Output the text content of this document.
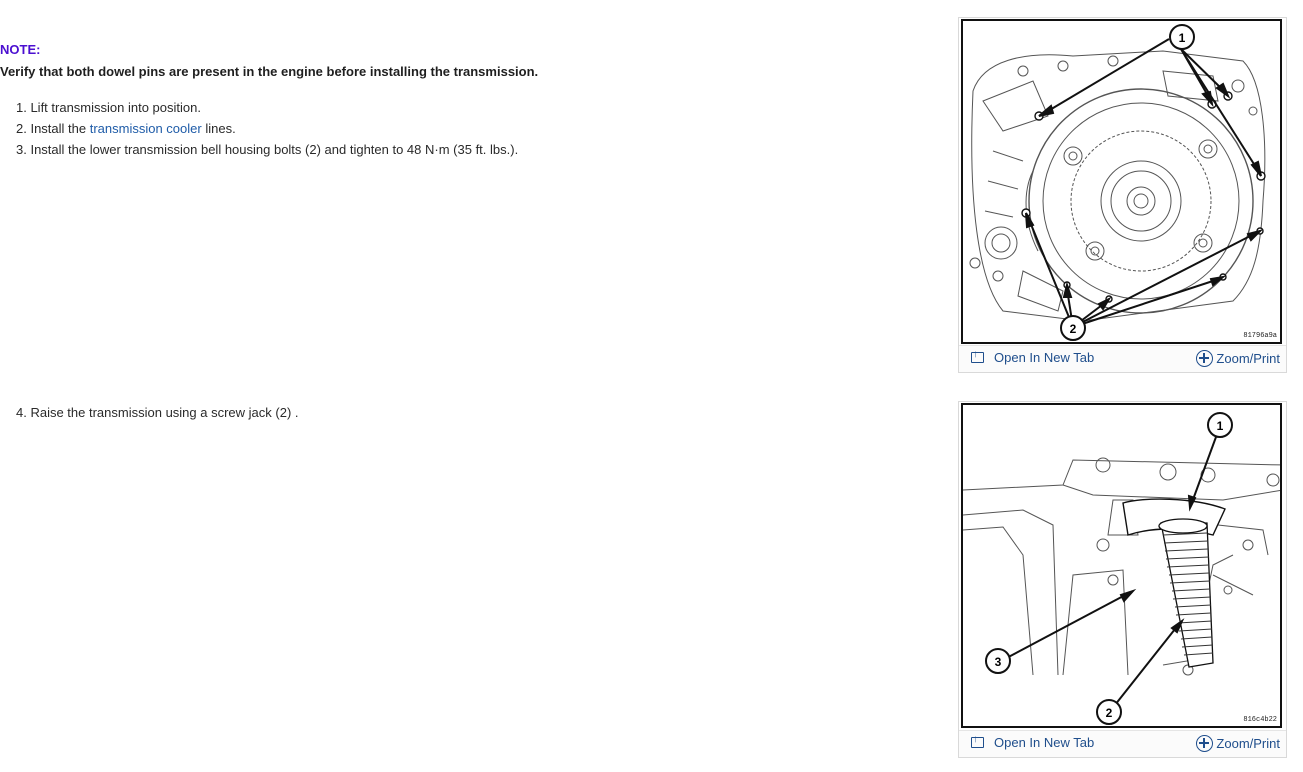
NOTE:
Verify that both dowel pins are present in the engine before installing the transmission.
1. Lift transmission into position.
2. Install the transmission cooler lines.
3. Install the lower transmission bell housing bolts (2) and tighten to 48 N·m (35 ft. lbs.).
4. Raise the transmission using a screw jack (2) .
1
2	81796a9a
↑
Open In New Tab	Zoom/Print
1
2
3
816c4b22
↑
Open In New Tab	Zoom/Print
